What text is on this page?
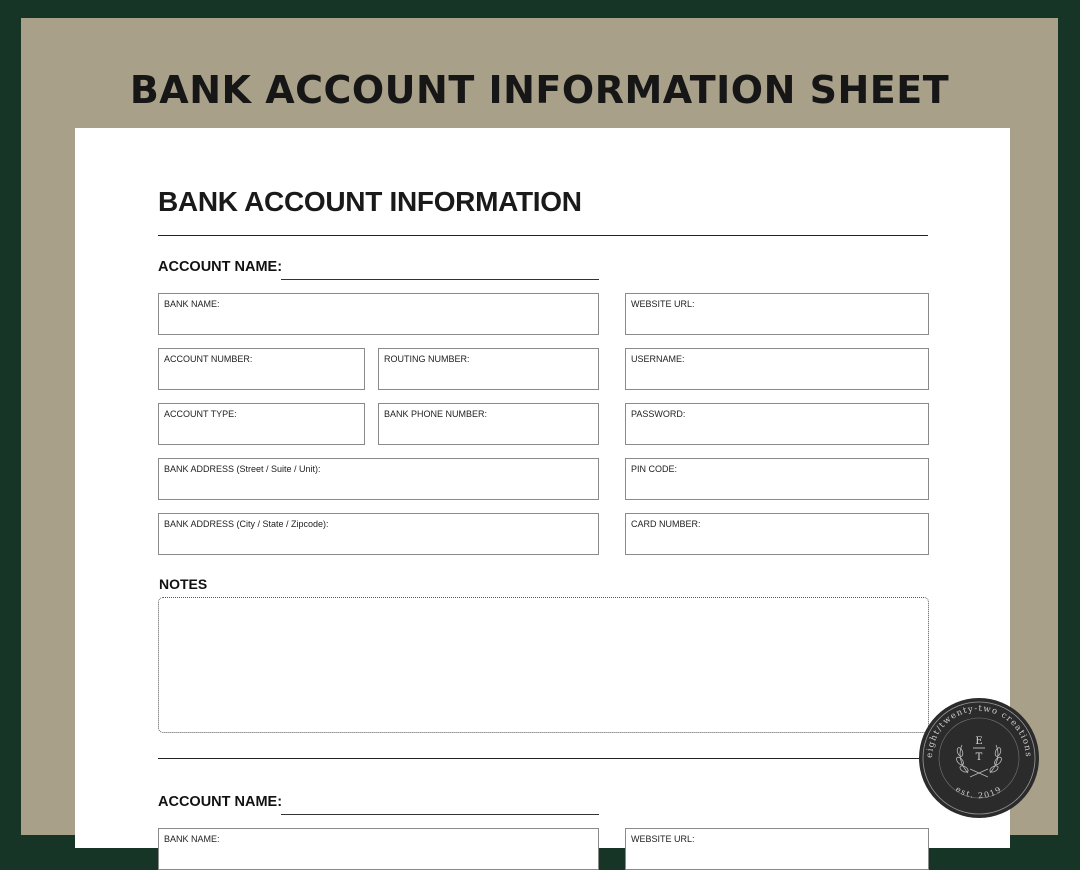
BANK ACCOUNT INFORMATION SHEET
BANK ACCOUNT INFORMATION
ACCOUNT NAME:
BANK NAME:	WEBSITE URL:
ACCOUNT NUMBER:	ROUTING NUMBER:	USERNAME:
ACCOUNT TYPE:	BANK PHONE NUMBER:	PASSWORD:
BANK ADDRESS (Street / Suite / Unit):	PIN CODE:
BANK ADDRESS (City / State / Zipcode):	CARD NUMBER:
NOTES
ACCOUNT NAME:
BANK NAME:	WEBSITE URL:
eight/twenty-two creations
est. 2019
E
T
